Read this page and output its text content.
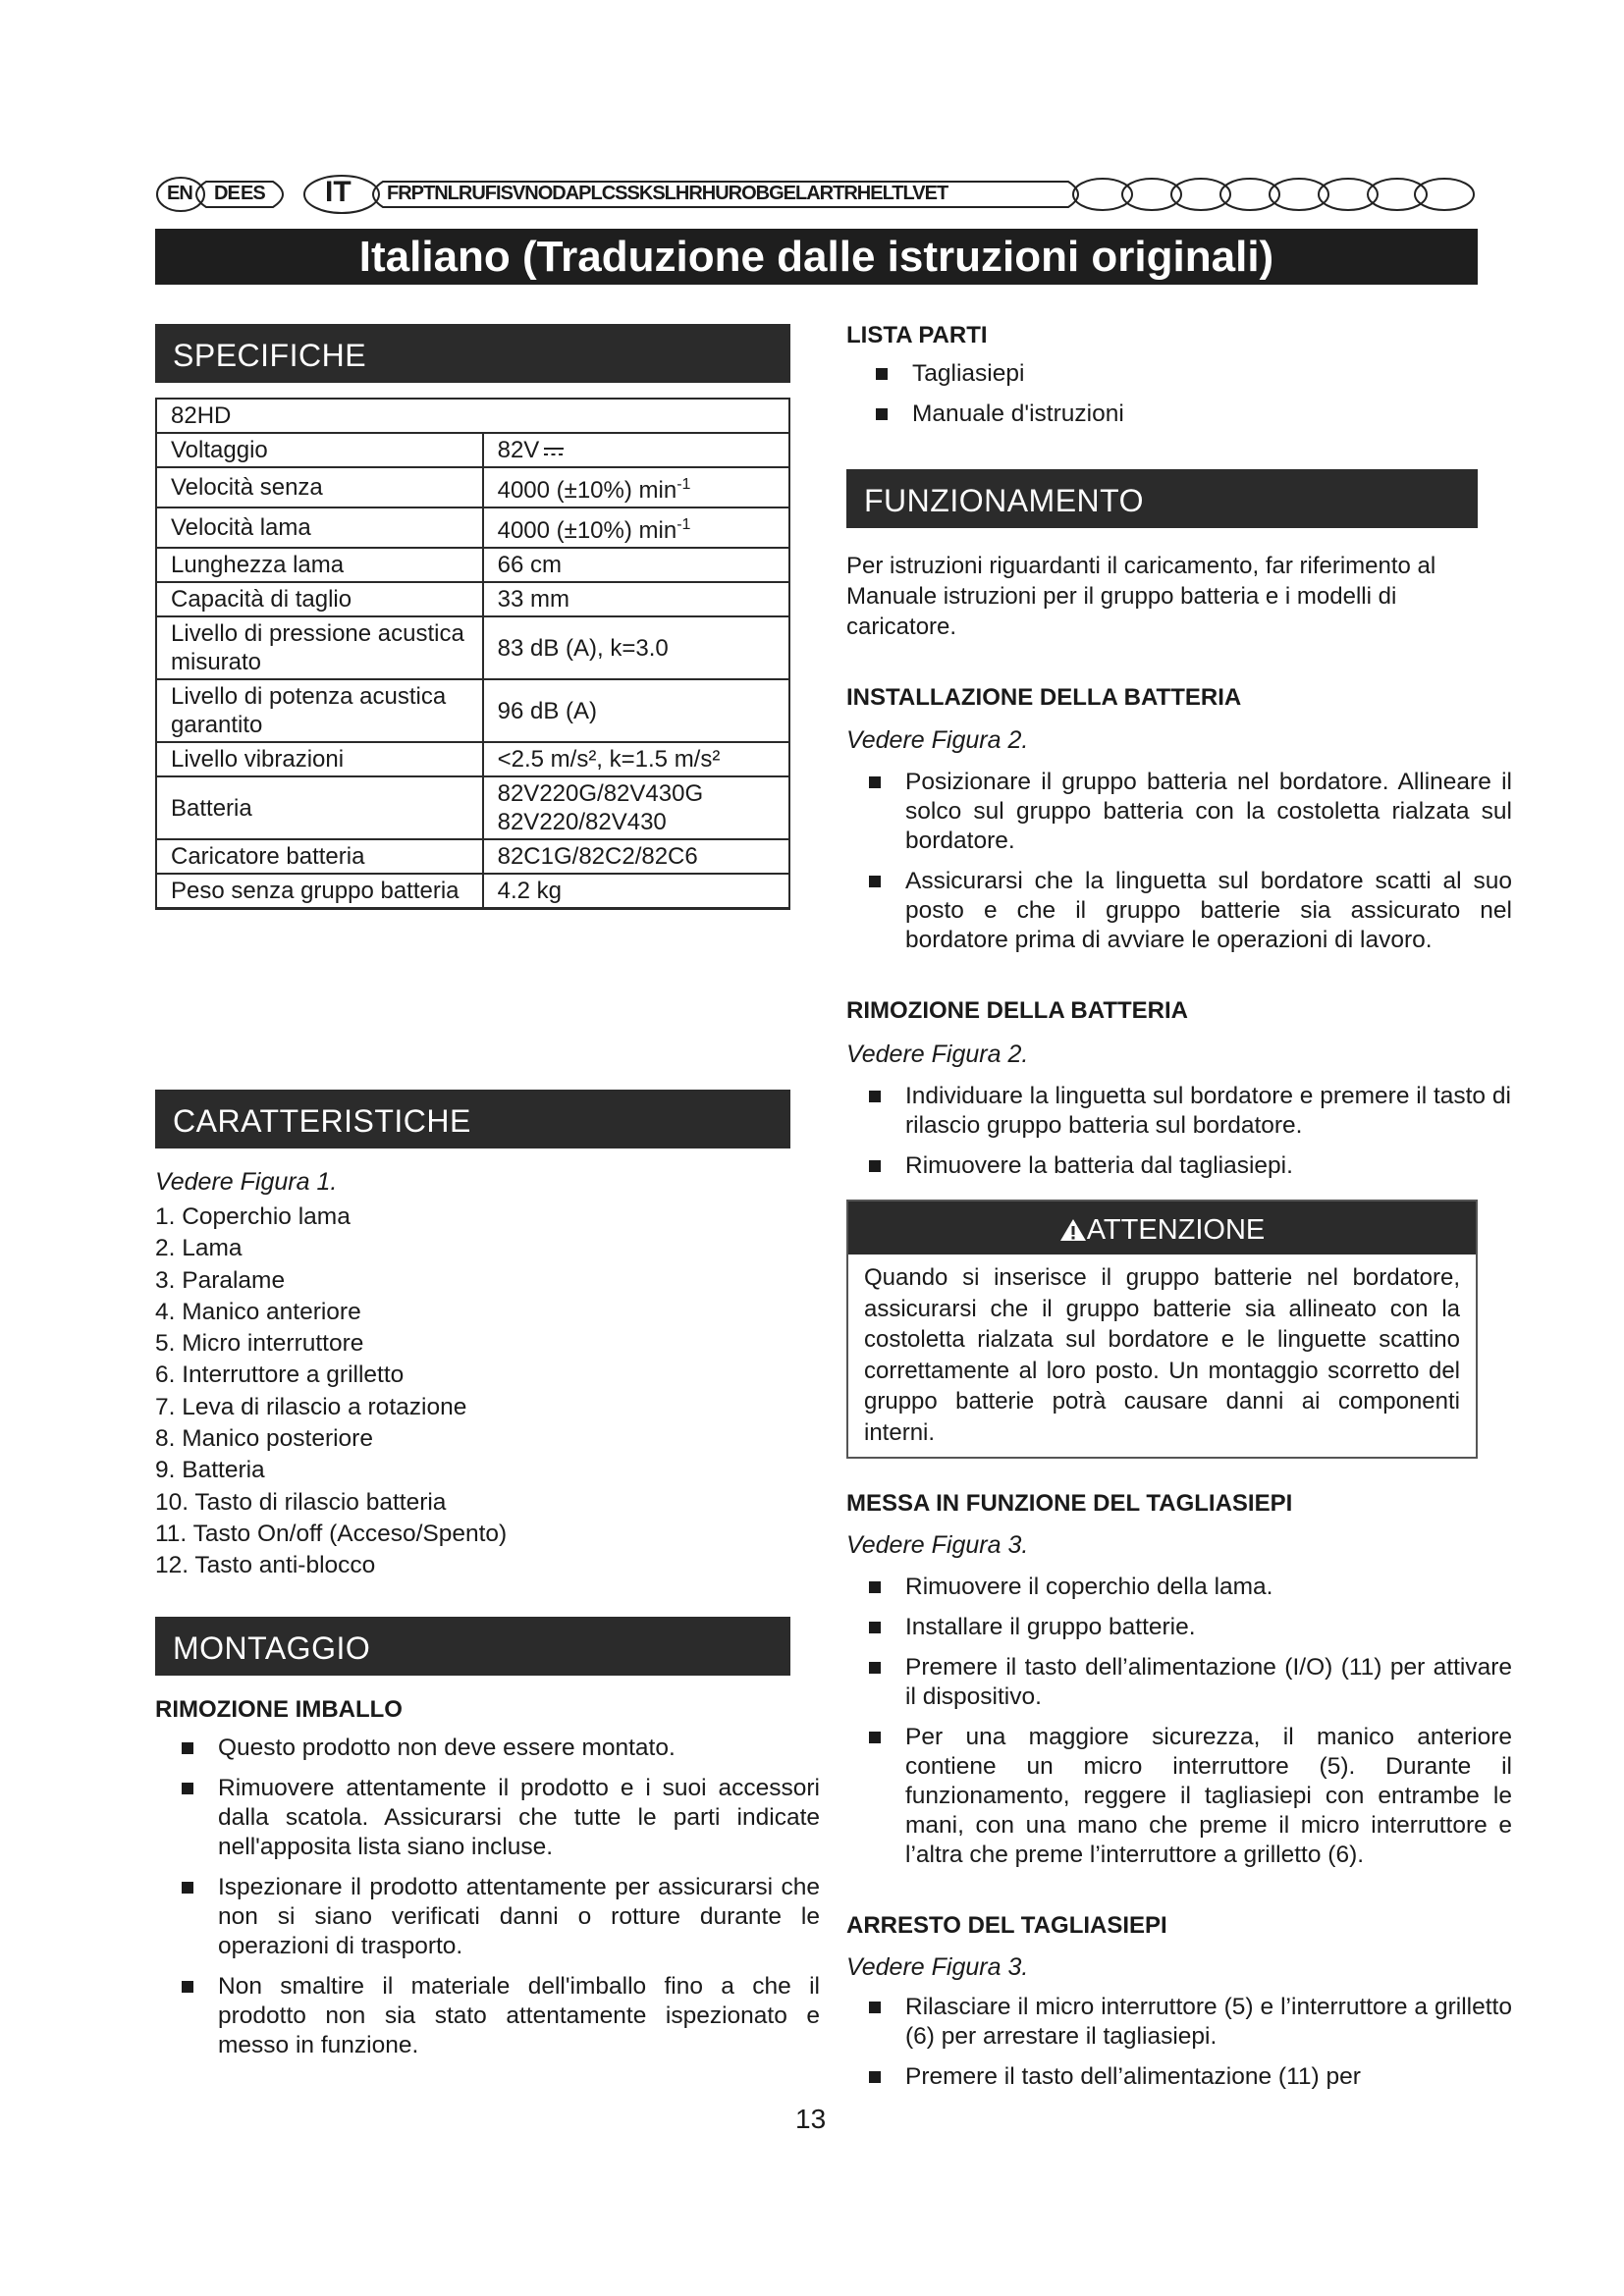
EN DE ES IT FRPTNLRUFISVNODAPLCSSKSLHRHUROBGELARTRHELTLVET
Italiano (Traduzione dalle istruzioni originali)
SPECIFICHE
82HD	
Voltaggio	82V
Velocità senza	4000 (±10%) $\min^{-1}$
Velocità lama	4000 (±10%) $\min^{-1}$
Lunghezza lama	66 cm
Capacità di taglio	33 mm
Livello di pressione acustica misurato	83 dB (A), k=3.0
Livello di potenza acustica garantito	96 dB (A)
Livello vibrazioni	<2.5 m/s², k=1.5 m/s²
Batteria	82V220G/82V430G 82V220/82V430
Caricatore batteria	82C1G/82C2/82C6
Peso senza gruppo batteria	4.2 kg
CARATTERISTICHE
Vedere Figura 1.
1. Coperchio lama
2. Lama
3. Paralame
4. Manico anteriore
5. Micro interruttore
6. Interruttore a grilletto
7. Leva di rilascio a rotazione
8. Manico posteriore
9. Batteria
10. Tasto di rilascio batteria
11. Tasto On/off (Acceso/Spento)
12. Tasto anti-blocco
MONTAGGIO
RIMOZIONE IMBALLO
Questo prodotto non deve essere montato.
Rimuovere attentamente il prodotto e i suoi accessori dalla scatola. Assicurarsi che tutte le parti indicate nell'apposita lista siano incluse.
Ispezionare il prodotto attentamente per assicurarsi che non si siano verificati danni o rotture durante le operazioni di trasporto.
Non smaltire il materiale dell'imballo fino a che il prodotto non sia stato attentamente ispezionato e messo in funzione.
LISTA PARTI
Tagliasiepi
Manuale d'istruzioni
FUNZIONAMENTO
Per istruzioni riguardanti il caricamento, far riferimento al Manuale istruzioni per il gruppo batteria e i modelli di caricatore.
INSTALLAZIONE DELLA BATTERIA
Vedere Figura 2.
Posizionare il gruppo batteria nel bordatore. Allineare il solco sul gruppo batteria con la costoletta rialzata sul bordatore.
Assicurarsi che la linguetta sul bordatore scatti al suo posto e che il gruppo batterie sia assicurato nel bordatore prima di avviare le operazioni di lavoro.
RIMOZIONE DELLA BATTERIA
Vedere Figura 2.
Individuare la linguetta sul bordatore e premere il tasto di rilascio gruppo batteria sul bordatore.
Rimuovere la batteria dal tagliasiepi.
ATTENZIONE
Quando si inserisce il gruppo batterie nel bordatore, assicurarsi che il gruppo batterie sia allineato con la costoletta rialzata sul bordatore e le linguette scattino correttamente al loro posto. Un montaggio scorretto del gruppo batterie potrà causare danni ai componenti interni.
MESSA IN FUNZIONE DEL TAGLIASIEPI
Vedere Figura 3.
Rimuovere il coperchio della lama.
Installare il gruppo batterie.
Premere il tasto dell’alimentazione (I/O) (11) per attivare il dispositivo.
Per una maggiore sicurezza, il manico anteriore contiene un micro interruttore (5). Durante il funzionamento, reggere il tagliasiepi con entrambe le mani, con una mano che preme il micro interruttore e l’altra che preme l’interruttore a grilletto (6).
ARRESTO DEL TAGLIASIEPI
Vedere Figura 3.
Rilasciare il micro interruttore (5) e l’interruttore a grilletto (6) per arrestare il tagliasiepi.
Premere il tasto dell’alimentazione (11) per
13
